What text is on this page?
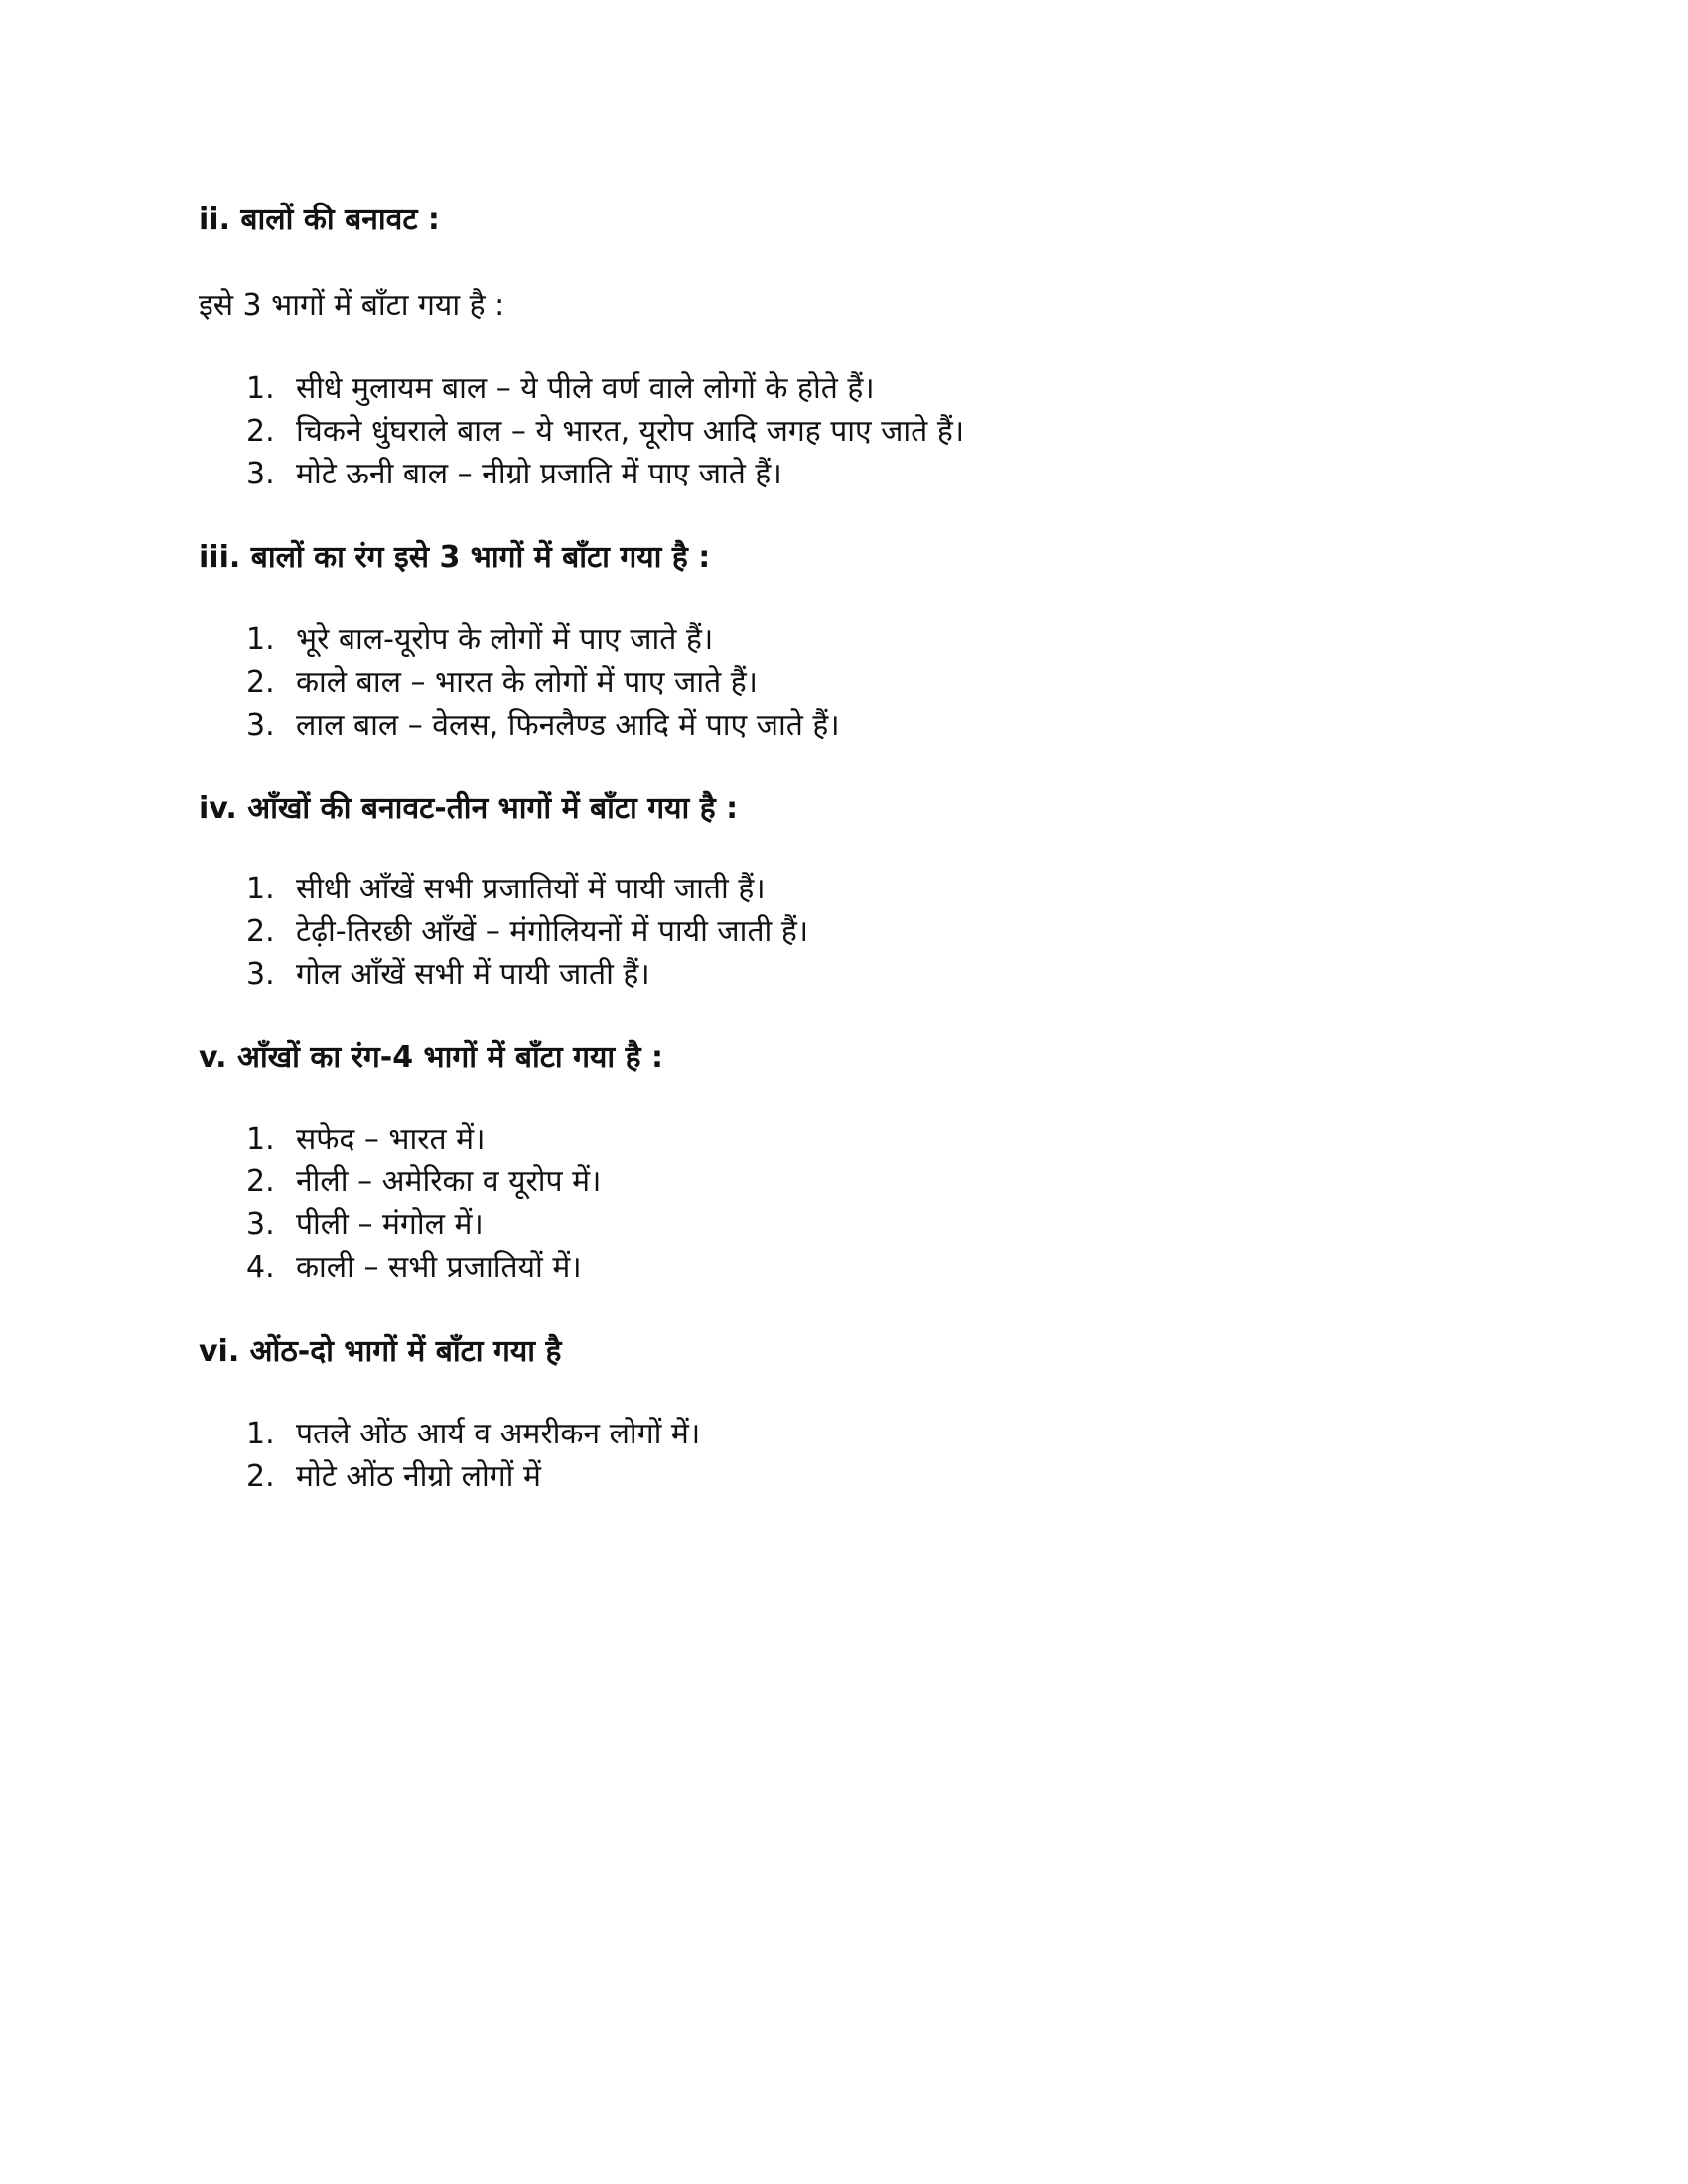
ii. बालों की बनावट :
इसे 3 भागों में बाँटा गया है :
1. सीधे मुलायम बाल – ये पीले वर्ण वाले लोगों के होते हैं।
2. चिकने धुंघराले बाल – ये भारत, यूरोप आदि जगह पाए जाते हैं।
3. मोटे ऊनी बाल – नीग्रो प्रजाति में पाए जाते हैं।
iii. बालों का रंग इसे 3 भागों में बाँटा गया है :
1. भूरे बाल-यूरोप के लोगों में पाए जाते हैं।
2. काले बाल – भारत के लोगों में पाए जाते हैं।
3. लाल बाल – वेलस, फिनलैण्ड आदि में पाए जाते हैं।
iv. आँखों की बनावट-तीन भागों में बाँटा गया है :
1. सीधी आँखें सभी प्रजातियों में पायी जाती हैं।
2. टेढ़ी-तिरछी आँखें – मंगोलियनों में पायी जाती हैं।
3. गोल आँखें सभी में पायी जाती हैं।
v. आँखों का रंग-4 भागों में बाँटा गया है :
1. सफेद – भारत में।
2. नीली – अमेरिका व यूरोप में।
3. पीली – मंगोल में।
4. काली – सभी प्रजातियों में।
vi. ओंठ-दो भागों में बाँटा गया है
1. पतले ओंठ आर्य व अमरीकन लोगों में।
2. मोटे ओंठ नीग्रो लोगों में
